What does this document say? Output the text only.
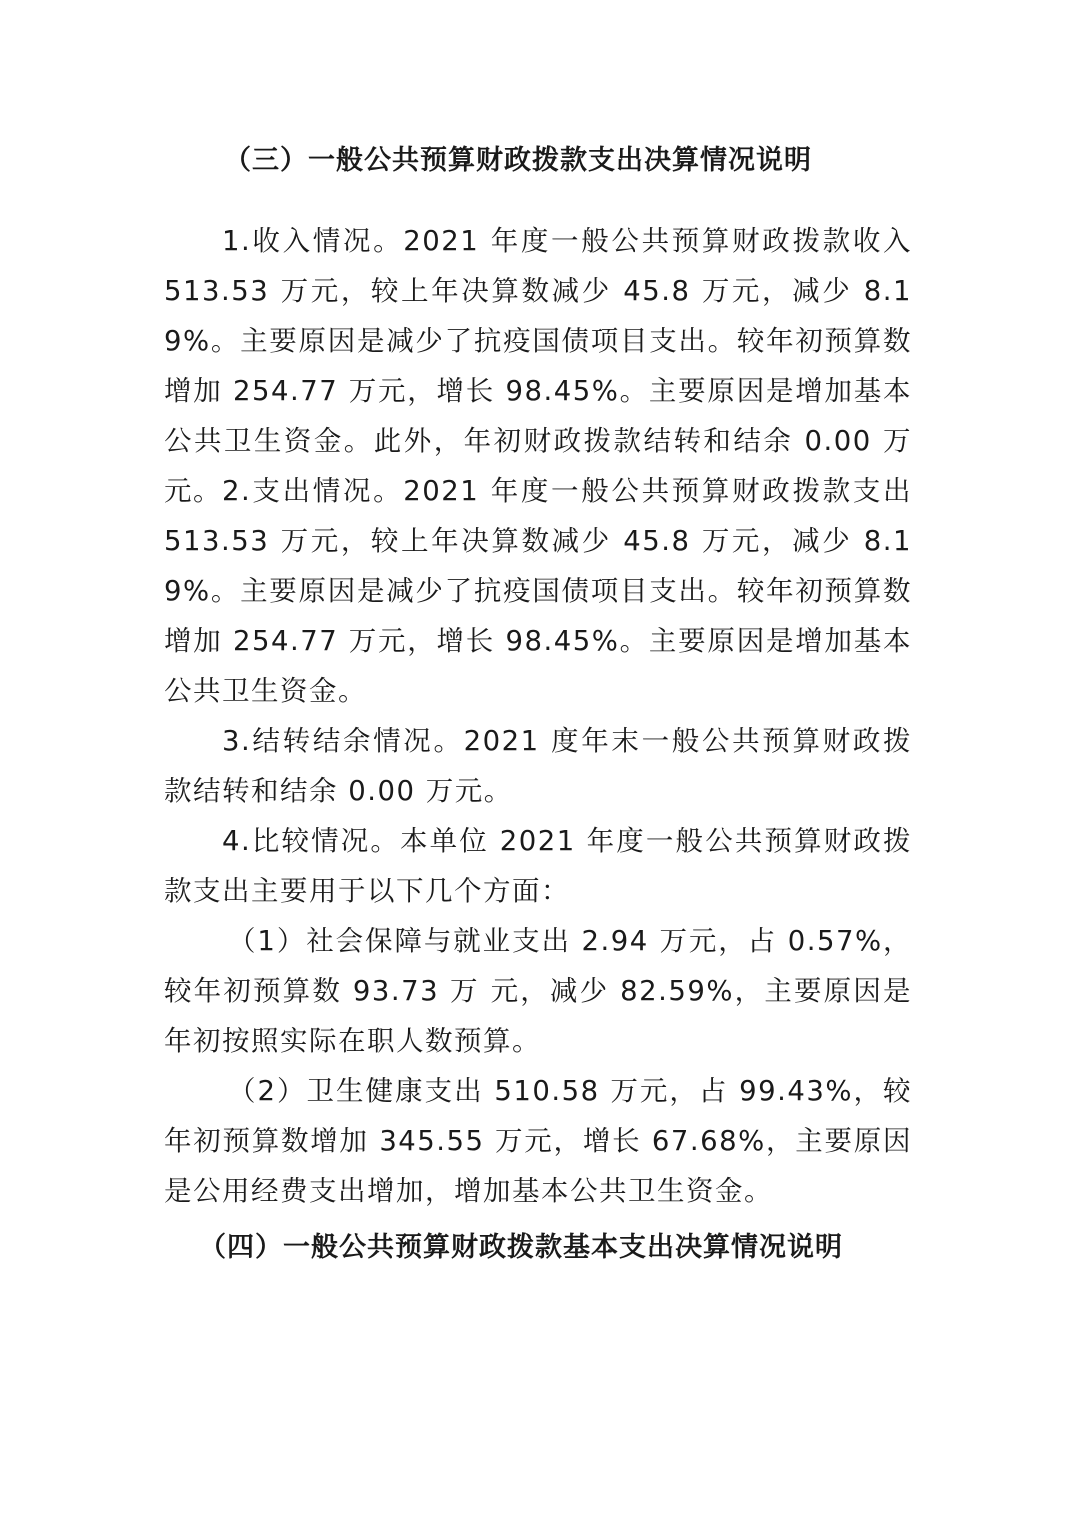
（三）一般公共预算财政拨款支出决算情况说明

1.收入情况。2021 年度一般公共预算财政拨款收入 513.53 万元，较上年决算数减少 45.8 万元，减少 8.19%。主要原因是减少了抗疫国债项目支出。较年初预算数增加 254.77 万元，增长 98.45%。主要原因是增加基本公共卫生资金。此外，年初财政拨款结转和结余 0.00 万元。 2.支出情况。2021 年度一般公共预算财政拨款支出 513.53 万元，较上年决算数减少 45.8 万元，减少 8.19%。主要原因是减少了抗疫国债项目支出。较年初预算数增加 254.77 万元，增长 98.45%。主要原因是增加基本公共卫生资金。

3.结转结余情况。2021 度年末一般公共预算财政拨款结转和结余 0.00 万元。

4.比较情况。本单位 2021 年度一般公共预算财政拨款支出主要用于以下几个方面：

（1）社会保障与就业支出 2.94 万元，占 0.57%，较年初预算数 93.73 万 元，减少 82.59%，主要原因是年初按照实际在职人数预算。

（2）卫生健康支出 510.58 万元，占 99.43%，较年初预算数增加 345.55 万元，增长 67.68%，主要原因是公用经费支出增加，增加基本公共卫生资金。

（四）一般公共预算财政拨款基本支出决算情况说明
